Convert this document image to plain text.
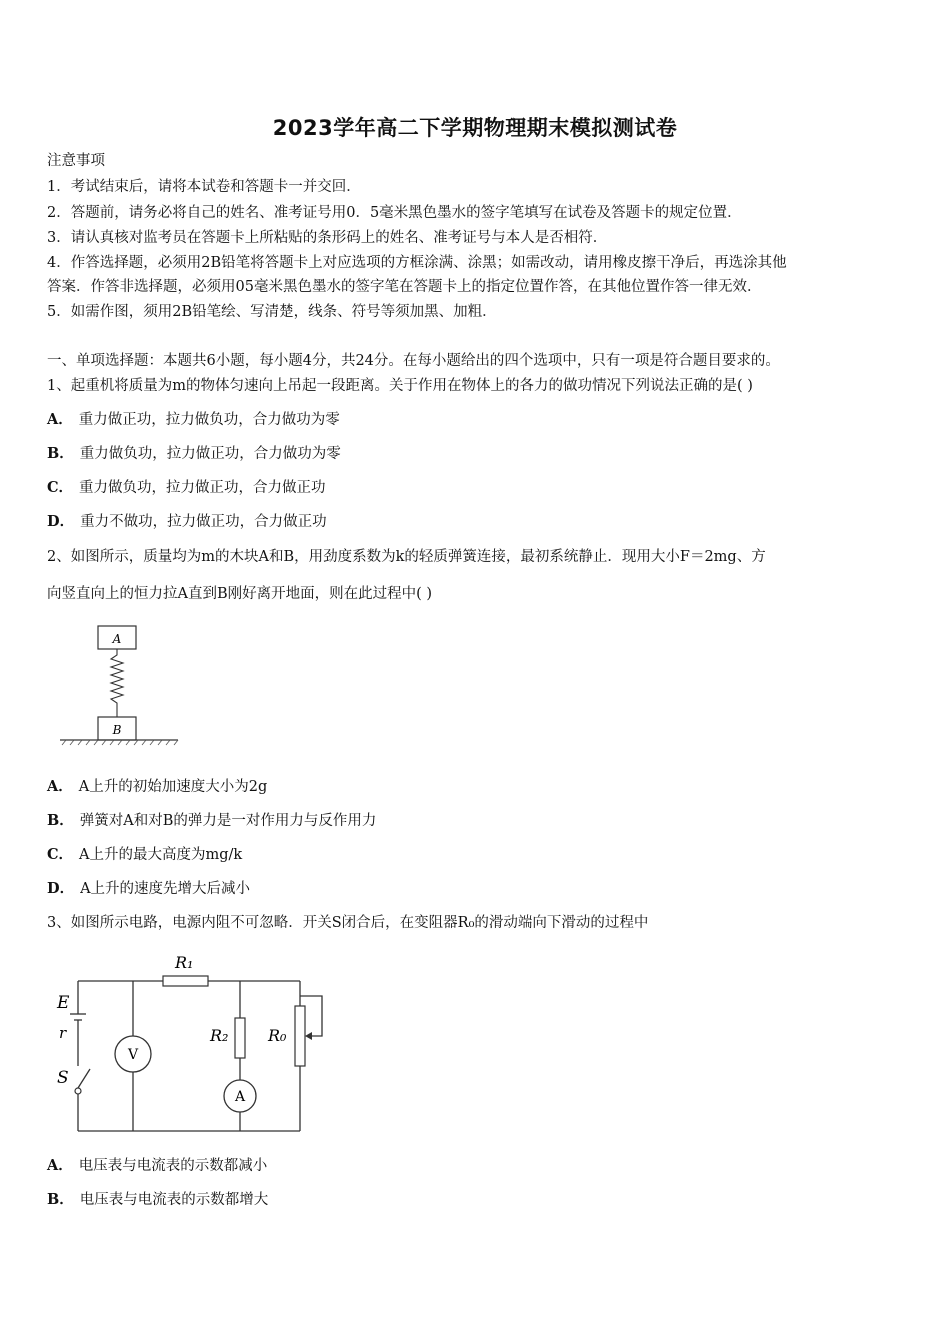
2023学年高二下学期物理期末模拟测试卷
注意事项
1．考试结束后，请将本试卷和答题卡一并交回．
2．答题前，请务必将自己的姓名、准考证号用0．5毫米黑色墨水的签字笔填写在试卷及答题卡的规定位置．
3．请认真核对监考员在答题卡上所粘贴的条形码上的姓名、准考证号与本人是否相符．
4．作答选择题，必须用2B铅笔将答题卡上对应选项的方框涂满、涂黑；如需改动，请用橡皮擦干净后，再选涂其他
答案．作答非选择题，必须用05毫米黑色墨水的签字笔在答题卡上的指定位置作答，在其他位置作答一律无效．
5．如需作图，须用2B铅笔绘、写清楚，线条、符号等须加黑、加粗．
一、单项选择题：本题共6小题，每小题4分，共24分。在每小题给出的四个选项中，只有一项是符合题目要求的。
1、起重机将质量为m的物体匀速向上吊起一段距离。关于作用在物体上的各力的做功情况下列说法正确的是( )
A． 重力做正功，拉力做负功，合力做功为零
B． 重力做负功，拉力做正功，合力做功为零
C． 重力做负功，拉力做正功，合力做正功
D． 重力不做功，拉力做正功，合力做正功
2、如图所示，质量均为m的木块A和B，用劲度系数为k的轻质弹簧连接，最初系统静止．现用大小F＝2mg、方
向竖直向上的恒力拉A直到B刚好离开地面，则在此过程中( )
A
B
A． A上升的初始加速度大小为2g
B． 弹簧对A和对B的弹力是一对作用力与反作用力
C． A上升的最大高度为mg/k
D． A上升的速度先增大后减小
3、如图所示电路，电源内阻不可忽略．开关S闭合后，在变阻器R₀的滑动端向下滑动的过程中
V
A
E
r
S
R₁
R₂ R₀
A． 电压表与电流表的示数都减小
B． 电压表与电流表的示数都增大
